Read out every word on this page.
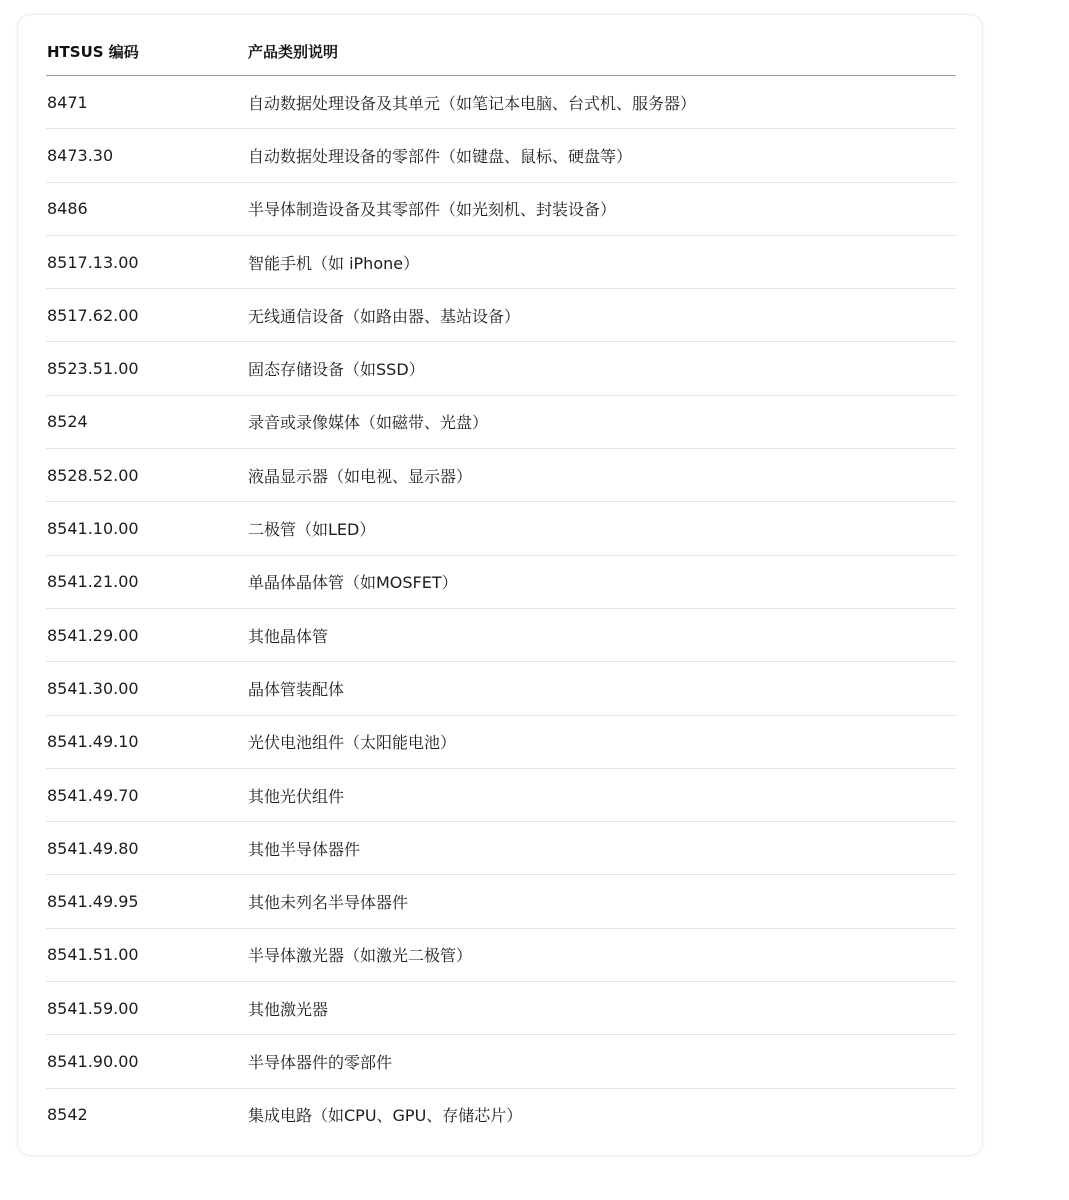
HTSUS 编码	产品类别说明
8471	自动数据处理设备及其单元（如笔记本电脑、台式机、服务器）
8473.30	自动数据处理设备的零部件（如键盘、鼠标、硬盘等）
8486	半导体制造设备及其零部件（如光刻机、封装设备）
8517.13.00	智能手机（如 iPhone）
8517.62.00	无线通信设备（如路由器、基站设备）
8523.51.00	固态存储设备（如SSD）
8524	录音或录像媒体（如磁带、光盘）
8528.52.00	液晶显示器（如电视、显示器）
8541.10.00	二极管（如LED）
8541.21.00	单晶体晶体管（如MOSFET）
8541.29.00	其他晶体管
8541.30.00	晶体管装配体
8541.49.10	光伏电池组件（太阳能电池）
8541.49.70	其他光伏组件
8541.49.80	其他半导体器件
8541.49.95	其他未列名半导体器件
8541.51.00	半导体激光器（如激光二极管）
8541.59.00	其他激光器
8541.90.00	半导体器件的零部件
8542	集成电路（如CPU、GPU、存储芯片）
